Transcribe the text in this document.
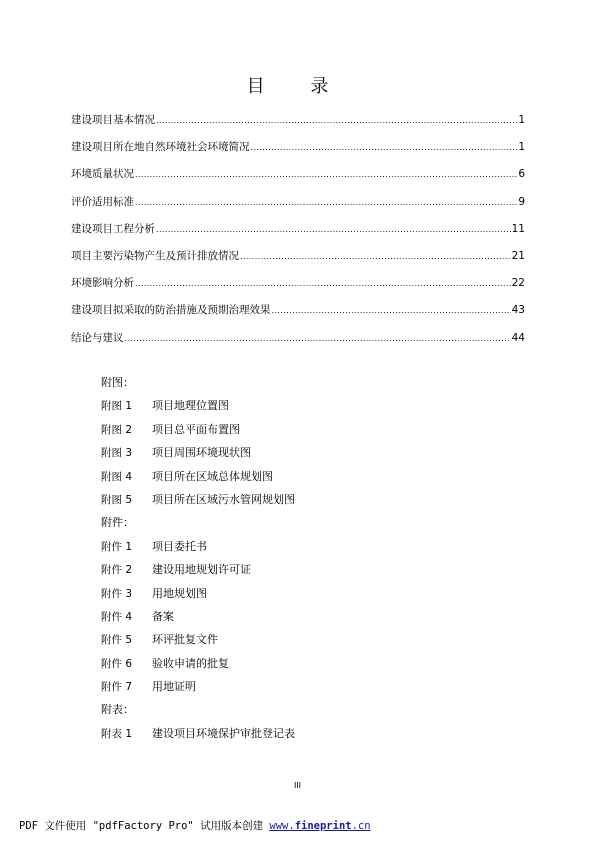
目 录
建设项目基本情况 .....	1
建设项目所在地自然环境社会环境简况 .....	1
环境质量状况 .....	6
评价适用标准 .....	9
建设项目工程分析 .....	11
项目主要污染物产生及预计排放情况 .....	21
环境影响分析 .....	22
建设项目拟采取的防治措施及预期治理效果 .....	43
结论与建议 .....	44
附图：
附图 1	项目地理位置图
附图 2	项目总平面布置图
附图 3	项目周围环境现状图
附图 4	项目所在区域总体规划图
附图 5	项目所在区域污水管网规划图
附件：
附件 1	项目委托书
附件 2	建设用地规划许可证
附件 3	用地规划图
附件 4	备案
附件 5	环评批复文件
附件 6	验收申请的批复
附件 7	用地证明
附表：
附表 1	建设项目环境保护审批登记表
III
PDF 文件使用 "pdfFactory Pro" 试用版本创建 www.fineprint.cn
